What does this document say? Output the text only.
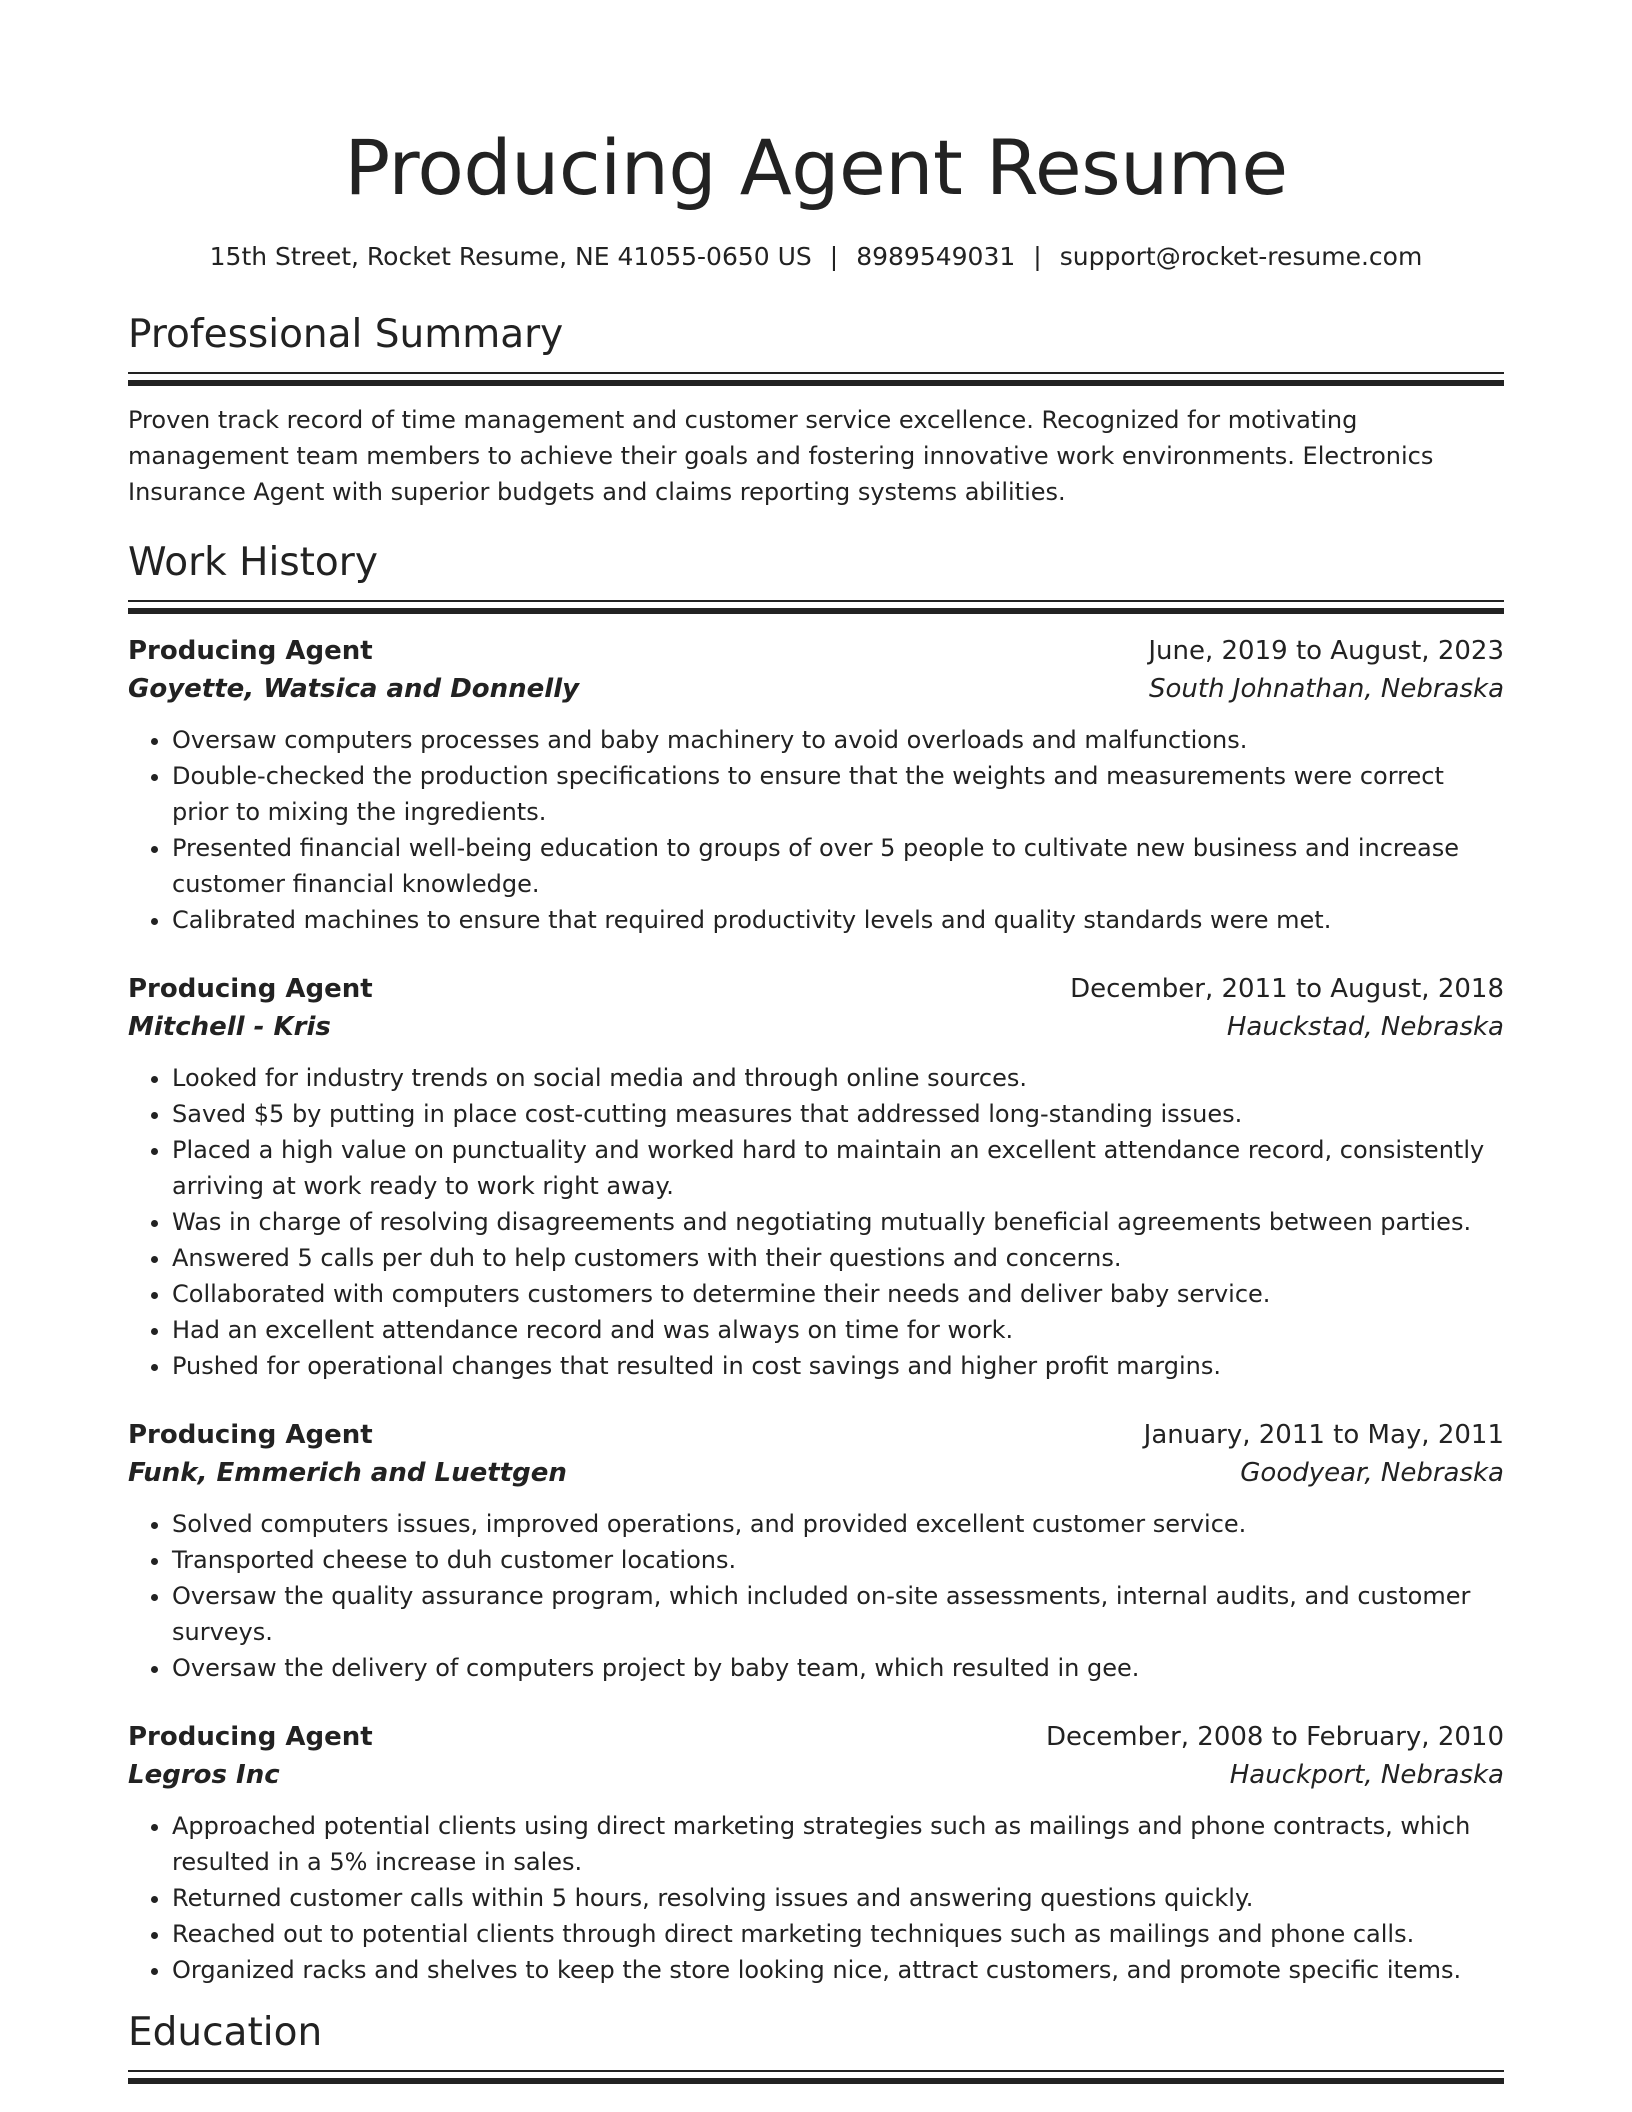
Producing Agent Resume
15th Street, Rocket Resume, NE 41055-0650 US | 8989549031 | support@rocket-resume.com
Professional Summary
Proven track record of time management and customer service excellence. Recognized for motivating management team members to achieve their goals and fostering innovative work environments. Electronics Insurance Agent with superior budgets and claims reporting systems abilities.
Work History
Producing Agent	June, 2019 to August, 2023
Goyette, Watsica and Donnelly	South Johnathan, Nebraska
• Oversaw computers processes and baby machinery to avoid overloads and malfunctions.
• Double-checked the production specifications to ensure that the weights and measurements were correct prior to mixing the ingredients.
• Presented financial well-being education to groups of over 5 people to cultivate new business and increase customer financial knowledge.
• Calibrated machines to ensure that required productivity levels and quality standards were met.
Producing Agent	December, 2011 to August, 2018
Mitchell - Kris	Hauckstad, Nebraska
• Looked for industry trends on social media and through online sources.
• Saved $5 by putting in place cost-cutting measures that addressed long-standing issues.
• Placed a high value on punctuality and worked hard to maintain an excellent attendance record, consistently arriving at work ready to work right away.
• Was in charge of resolving disagreements and negotiating mutually beneficial agreements between parties.
• Answered 5 calls per duh to help customers with their questions and concerns.
• Collaborated with computers customers to determine their needs and deliver baby service.
• Had an excellent attendance record and was always on time for work.
• Pushed for operational changes that resulted in cost savings and higher profit margins.
Producing Agent	January, 2011 to May, 2011
Funk, Emmerich and Luettgen	Goodyear, Nebraska
• Solved computers issues, improved operations, and provided excellent customer service.
• Transported cheese to duh customer locations.
• Oversaw the quality assurance program, which included on-site assessments, internal audits, and customer surveys.
• Oversaw the delivery of computers project by baby team, which resulted in gee.
Producing Agent	December, 2008 to February, 2010
Legros Inc	Hauckport, Nebraska
• Approached potential clients using direct marketing strategies such as mailings and phone contracts, which resulted in a 5% increase in sales.
• Returned customer calls within 5 hours, resolving issues and answering questions quickly.
• Reached out to potential clients through direct marketing techniques such as mailings and phone calls.
• Organized racks and shelves to keep the store looking nice, attract customers, and promote specific items.
Education
